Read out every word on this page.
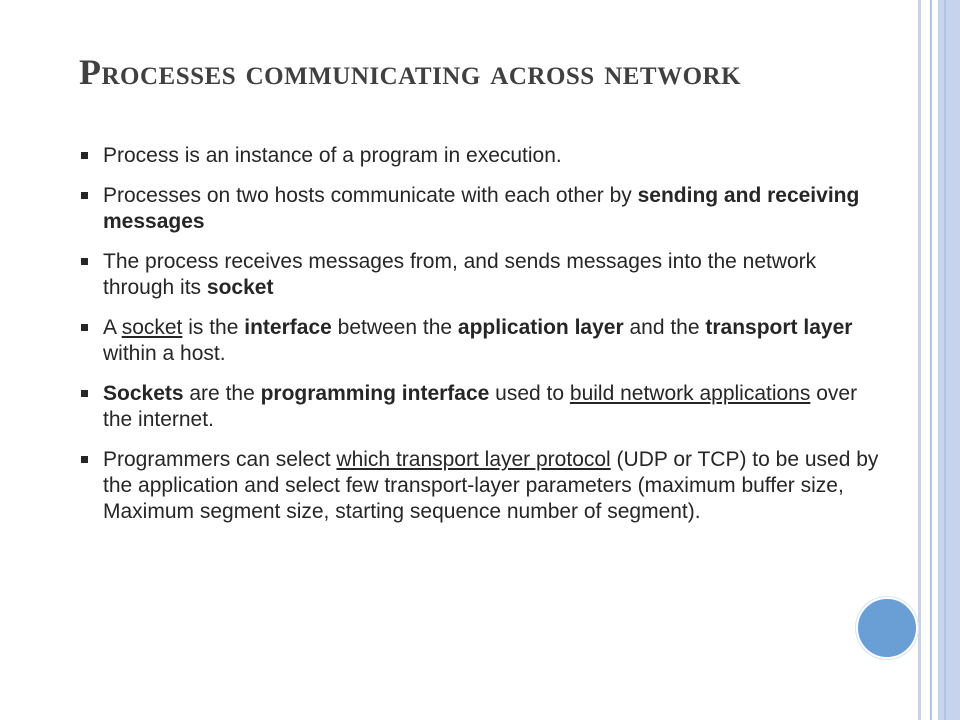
Processes communicating across network
Process is an instance of a program in execution.
Processes on two hosts communicate with each other by sending and receiving messages
The process receives messages from, and sends messages into the network through its socket
A socket is the interface between the application layer and the transport layer within a host.
Sockets are the programming interface used to build network applications over the internet.
Programmers can select which transport layer protocol (UDP or TCP) to be used by the application and select few transport-layer parameters (maximum buffer size, Maximum segment size, starting sequence number of segment).
